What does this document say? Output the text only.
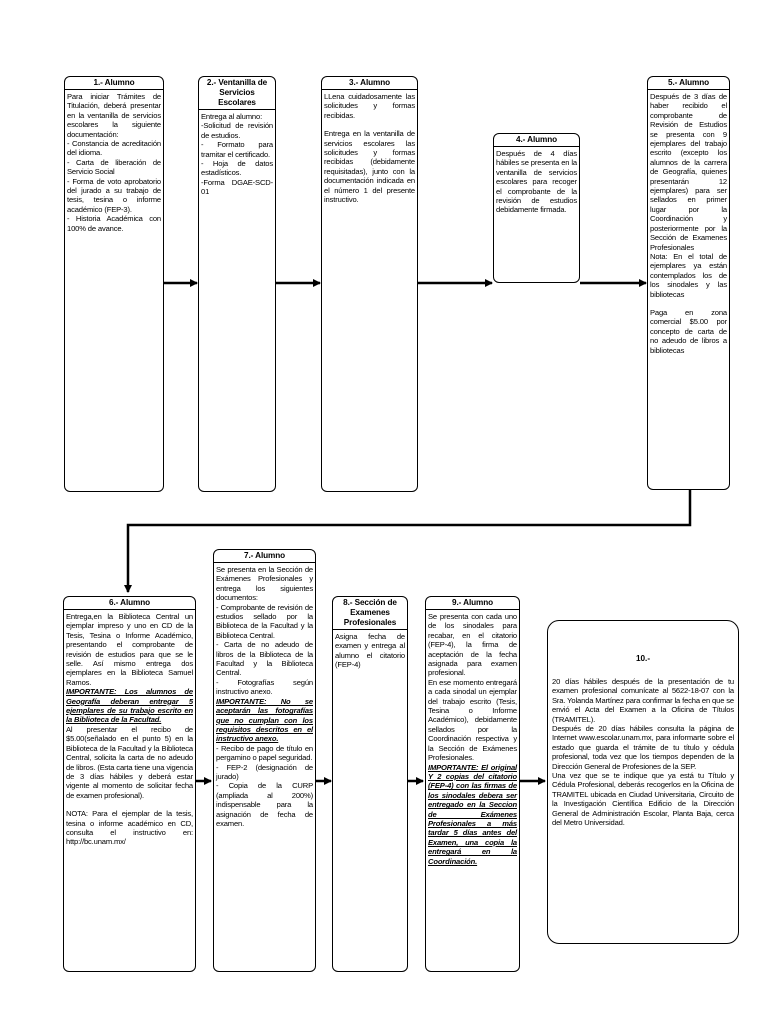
1.- Alumno

Para iniciar Trámites de Titulación, deberá presentar en la ventanilla de servicios escolares la siguiente documentación:

- Constancia de acreditación del idioma.

- Carta de liberación de Servicio Social

- Forma de voto aprobatorio del jurado a su trabajo de tesis, tesina o informe académico (FEP-3).

- Historia Académica con 100% de avance.

2.- Ventanilla de Servicios Escolares

Entrega al alumno:

-Solicitud de revisión de estudios.

- Formato para tramitar el certificado.

- Hoja de datos estadísticos.

-Forma DGAE-SCD-01

3.- Alumno

LLena cuidadosamente las solicitudes y formas recibidas.

Entrega en la ventanilla de servicios escolares las solicitudes y formas recibidas (debidamente requisitadas), junto con la documentación indicada en el número 1 del presente instructivo.

4.- Alumno

Después de 4 días hábiles se presenta en la ventanilla de servicios escolares para recoger el comprobante de la revisión de estudios debidamente firmada.

5.- Alumno

Después de 3 días de haber recibido el comprobante de Revisión de Estudios se presenta con 9 ejemplares del trabajo escrito (excepto los alumnos de la carrera de Geografía, quienes presentarán 12 ejemplares) para ser sellados en primer lugar por la Coordinación y posteriormente por la Sección de Examenes Profesionales

Nota: En el total de ejemplares ya están contemplados los de los sinodales y las bibliotecas

Paga en zona comercial $5.00 por concepto de carta de no adeudo de libros a bibliotecas

6.- Alumno

Entrega,en la Biblioteca Central un ejemplar impreso y uno en CD de la Tesis, Tesina o Informe Académico, presentando el comprobante de revisión de estudios para que se le selle. Así mismo entrega dos ejemplares en la Biblioteca Samuel Ramos.

IMPORTANTE: Los alumnos de Geografía deberan entregar 5 ejemplares de su trabajo escrito en la Biblioteca de la Facultad.

Al presentar el recibo de $5.00(señalado en el punto 5) en la Biblioteca de la Facultad y la Biblioteca Central, solicita la carta de no adeudo de libros. (Esta carta tiene una vigencia de 3 días hábiles y deberá estar vigente al momento de solicitar fecha de examen profesional).

NOTA: Para el ejemplar de la tesis, tesina o informe académico en CD, consulta el instructivo en: http://bc.unam.mx/

7.- Alumno

Se presenta en la Sección de Exámenes Profesionales y entrega los siguientes documentos:

- Comprobante de revisión de estudios sellado por la Biblioteca de la Facultad y la Biblioteca Central.

- Carta de no adeudo de libros de la Biblioteca de la Facultad y la Biblioteca Central.

- Fotografías según instructivo anexo.

IMPORTANTE: No se aceptarán las fotografías que no cumplan con los requisitos descritos en el instructivo anexo.

- Recibo de pago de título en pergamino o papel seguridad.

- FEP-2 (designación de jurado)

- Copia de la CURP (ampliada al 200%) indispensable para la asignación de fecha de examen.

8.- Sección de Examenes Profesionales

Asigna fecha de examen y entrega al alumno el citatorio (FEP-4)

9.- Alumno

Se presenta con cada uno de los sinodales para recabar, en el citatorio (FEP-4), la firma de aceptación de la fecha asignada para examen profesional.

En ese momento entregará a cada sinodal un ejemplar del trabajo escrito (Tesis, Tesina o Informe Académico), debidamente sellados por la Coordinación respectiva y la Sección de Exámenes Profesionales.

IMPORTANTE: El original Y 2 copias del citatorio (FEP-4) con las firmas de los sinodales debera ser entregado en la Seccion de Exámenes Profesionales a más tardar 5 días antes del Examen, una copia la entregará en la Coordinación.

10.-

20 días hábiles después de la presentación de tu examen profesional comunícate al 5622-18-07 con la Sra. Yolanda Martínez para confirmar la fecha en que se envió el Acta del Examen a la Oficina de Títulos (TRAMITEL).

Después de 20 días hábiles consulta la página de Internet www.escolar.unam.mx, para informarte sobre el estado que guarda el trámite de tu título y cédula profesional, toda vez que los tiempos dependen de la Dirección General de Profesiones de la SEP.

Una vez que se te indique que ya está tu Título y Cédula Profesional, deberás recogerlos en la Oficina de TRAMITEL ubicada en Ciudad Universitaria, Circuito de la Investigación Científica Edificio de la Dirección General de Administración Escolar, Planta Baja, cerca del Metro Universidad.
